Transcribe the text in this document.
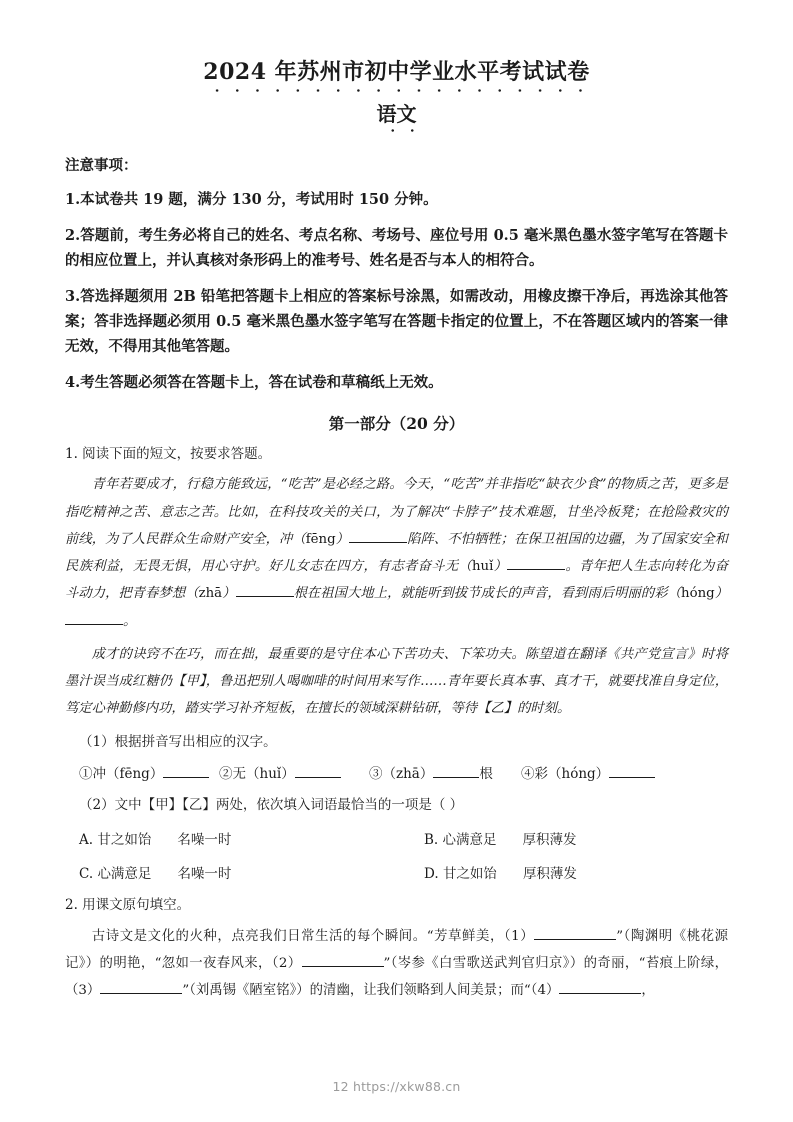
2024 年苏州市初中学业水平考试试卷
语文

注意事项：

1.本试卷共 19 题，满分 130 分，考试用时 150 分钟。

2.答题前，考生务必将自己的姓名、考点名称、考场号、座位号用 0.5 毫米黑色墨水签字笔写在答题卡的相应位置上，并认真核对条形码上的准考号、姓名是否与本人的相符合。

3.答选择题须用 2B 铅笔把答题卡上相应的答案标号涂黑，如需改动，用橡皮擦干净后，再选涂其他答案；答非选择题必须用 0.5 毫米黑色墨水签字笔写在答题卡指定的位置上，不在答题区域内的答案一律无效，不得用其他笔答题。

4.考生答题必须答在答题卡上，答在试卷和草稿纸上无效。

第一部分（20 分）

1. 阅读下面的短文，按要求答题。

青年若要成才，行稳方能致远，“吃苦”是必经之路。今天，“吃苦”并非指吃“缺衣少食”的物质之苦，更多是指吃精神之苦、意志之苦。比如，在科技攻关的关口，为了解决“卡脖子”技术难题，甘坐冷板凳；在抢险救灾的前线，为了人民群众生命财产安全，冲（fēng）	陷阵、不怕牺牲；在保卫祖国的边疆，为了国家安全和民族利益，无畏无惧，用心守护。好儿女志在四方，有志者奋斗无（huǐ）	。青年把人生志向转化为奋斗动力，把青春梦想（zhā）	根在祖国大地上，就能听到拔节成长的声音，看到雨后明丽的彩（hóng）。

成才的诀窍不在巧，而在拙，最重要的是守住本心下苦功夫、下笨功夫。陈望道在翻译《共产党宣言》时将墨汁误当成红糖仍【甲】，鲁迅把别人喝咖啡的时间用来写作……青年要长真本事、真才干，就要找准自身定位，笃定心神勤修内功，踏实学习补齐短板，在擅长的领域深耕钻研，等待【乙】的时刻。

（1）根据拼音写出相应的汉字。

①冲（fēng）	②无（huǐ）	③（zhā）	根	④彩（hóng）

（2）文中【甲】【乙】两处，依次填入词语最恰当的一项是（ ）

A. 甘之如饴 名噪一时	B. 心满意足 厚积薄发
C. 心满意足 名噪一时	D. 甘之如饴 厚积薄发

2. 用课文原句填空。

古诗文是文化的火种，点亮我们日常生活的每个瞬间。“芳草鲜美，（1）	”（陶渊明《桃花源记》）的明艳，“忽如一夜春风来，（2）	”（岑参《白雪歌送武判官归京》）的奇丽，“苔痕上阶绿，（3）	”（刘禹锡《陋室铭》）的清幽，让我们领略到人间美景；而“（4）	，

12 https://xkw88.cn
